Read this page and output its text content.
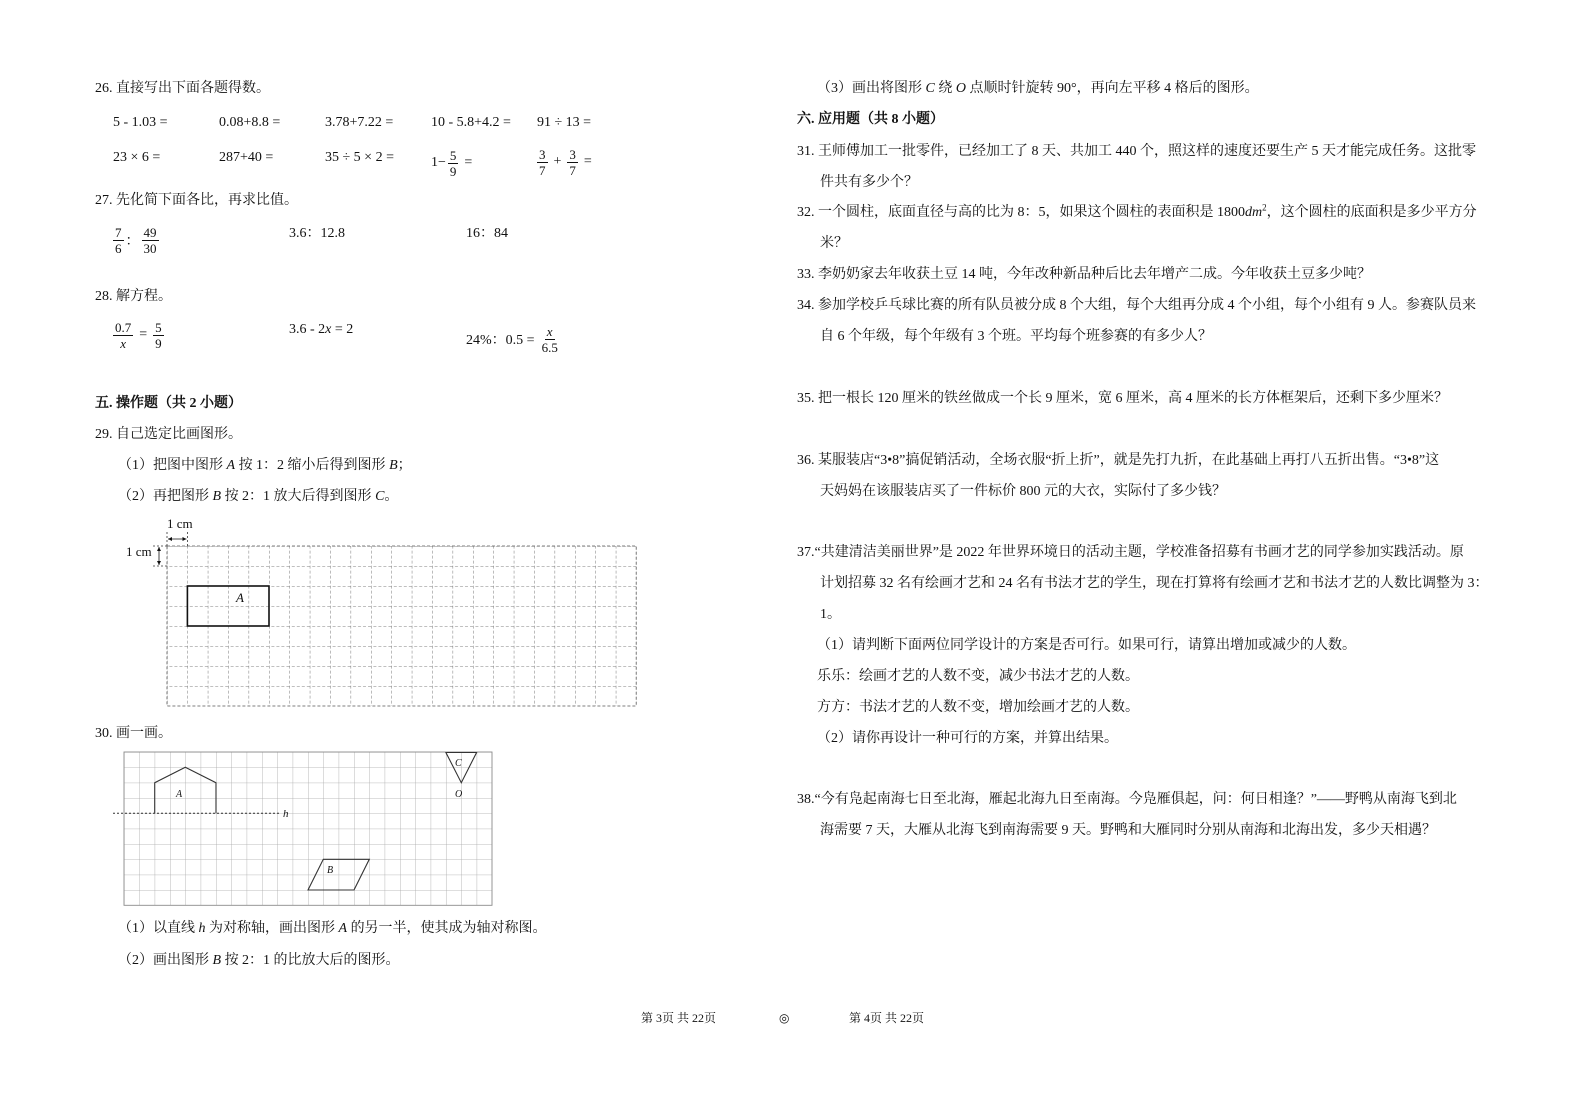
A
1 cm
1 cm
h
A
C
O
B
26. 直接写出下面各题得数。
5 - 1.03 =	0.08+8.8 =	3.78+7.22 =	10 - 5.8+4.2 = 91 ÷ 13 =
23 × 6 =	287+40 =	35 ÷ 5 × 2 =	$1- \frac{5}{9}$ =	$\frac{3}{7} + \frac{3}{7}$ =
27. 先化简下面各比，再求比值。
$\frac{7}{6}$ ： $\frac{49}{30}$	3.6：12.8	16：84
28. 解方程。
$\frac{0.7}{x} = \frac{5}{9}$	3.6 - 2x = 2
24%：$0.5 = \frac{x}{6.5}$
五. 操作题（共 2 小题）
29. 自己选定比画图形。
（1）把图中图形 A 按 1：2 缩小后得到图形 B；
（2）再把图形 B 按 2：1 放大后得到图形 C。
30. 画一画。
（1）以直线 h 为对称轴，画出图形 A 的另一半，使其成为轴对称图。
（2）画出图形 B 按 2：1 的比放大后的图形。
（3）画出将图形 C 绕 O 点顺时针旋转 90°，再向左平移 4 格后的图形。
六. 应用题（共 8 小题）
31. 王师傅加工一批零件，已经加工了 8 天、共加工 440 个，照这样的速度还要生产 5 天才能完成任务。这批零
件共有多少个？
32. 一个圆柱，底面直径与高的比为 8：5，如果这个圆柱的表面积是 $1800dm^2$，这个圆柱的底面积是多少平方分
米？
33. 李奶奶家去年收获土豆 14 吨，今年改种新品种后比去年增产二成。今年收获土豆多少吨？
34. 参加学校乒乓球比赛的所有队员被分成 8 个大组，每个大组再分成 4 个小组，每个小组有 9 人。参赛队员来
自 6 个年级，每个年级有 3 个班。平均每个班参赛的有多少人？
35. 把一根长 120 厘米的铁丝做成一个长 9 厘米，宽 6 厘米，高 4 厘米的长方体框架后，还剩下多少厘米？
36. 某服装店“3•8”搞促销活动，全场衣服“折上折”，就是先打九折，在此基础上再打八五折出售。“3•8”这
天妈妈在该服装店买了一件标价 800 元的大衣，实际付了多少钱？
37.“共建清洁美丽世界”是 2022 年世界环境日的活动主题，学校准备招募有书画才艺的同学参加实践活动。原
计划招募 32 名有绘画才艺和 24 名有书法才艺的学生，现在打算将有绘画才艺和书法才艺的人数比调整为 3：
1。
（1）请判断下面两位同学设计的方案是否可行。如果可行，请算出增加或减少的人数。
乐乐：绘画才艺的人数不变，减少书法才艺的人数。
方方：书法才艺的人数不变，增加绘画才艺的人数。
（2）请你再设计一种可行的方案，并算出结果。
38.“今有凫起南海七日至北海，雁起北海九日至南海。今凫雁俱起，问：何日相逢？”——野鸭从南海飞到北
海需要 7 天，大雁从北海飞到南海需要 9 天。野鸭和大雁同时分别从南海和北海出发，多少天相遇？
第 3页 共 22页	◎	第 4页 共 22页
